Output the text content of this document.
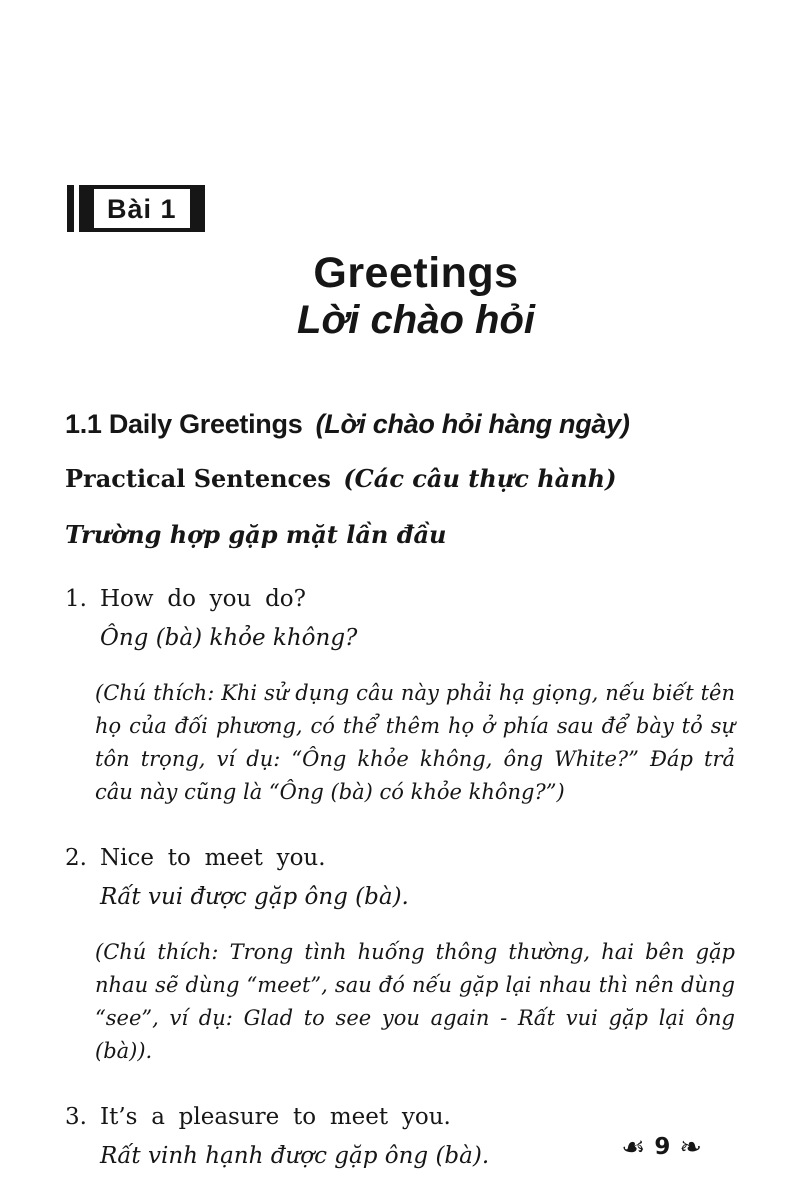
Bài 1
Greetings
Lời chào hỏi
1.1 Daily Greetings (Lời chào hỏi hàng ngày)
Practical Sentences (Các câu thực hành)
Trường hợp gặp mặt lần đầu
1. How do you do?
Ông (bà) khỏe không?
(Chú thích: Khi sử dụng câu này phải hạ giọng, nếu biết tên họ của đối phương, có thể thêm họ ở phía sau để bày tỏ sự tôn trọng, ví dụ: “Ông khỏe không, ông White?” Đáp trả câu này cũng là “Ông (bà) có khỏe không?”)
2. Nice to meet you.
Rất vui được gặp ông (bà).
(Chú thích: Trong tình huống thông thường, hai bên gặp nhau sẽ dùng “meet”, sau đó nếu gặp lại nhau thì nên dùng “see”, ví dụ: Glad to see you again - Rất vui gặp lại ông (bà)).
3. It’s a pleasure to meet you.
Rất vinh hạnh được gặp ông (bà).	☙ 9 ❧
